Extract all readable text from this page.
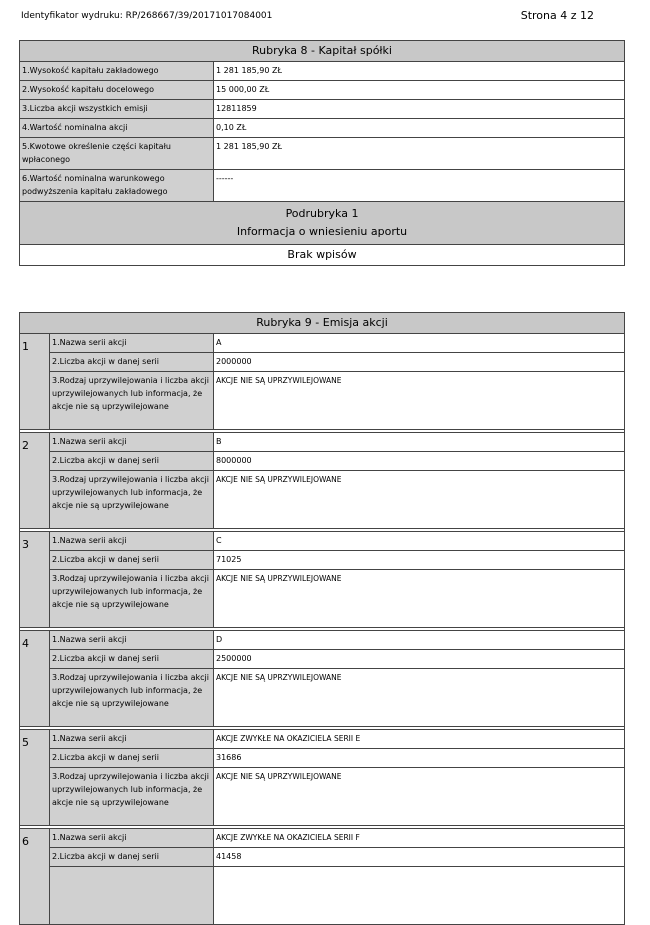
Identyfikator wydruku: RP/268667/39/20171017084001	Strona 4 z 12
Rubryka 8 - Kapitał spółki	
1.Wysokość kapitału zakładowego	1 281 185,90 ZŁ
2.Wysokość kapitału docelowego	15 000,00 ZŁ
3.Liczba akcji wszystkich emisji	12811859
4.Wartość nominalna akcji	0,10 ZŁ
5.Kwotowe określenie części kapitału wpłaconego	1 281 185,90 ZŁ
6.Wartość nominalna warunkowego podwyższenia kapitału zakładowego	------

Podrubryka 1
Informacja o wniesieniu aportu	

Brak wpisów	
Rubryka 9 - Emisja akcji		
1	1.Nazwa serii akcji	A
	2.Liczba akcji w danej serii	2000000
	3.Rodzaj uprzywilejowania i liczba akcji uprzywilejowanych lub informacja, że akcje nie są uprzywilejowane	AKCJE NIE SĄ UPRZYWILEJOWANE

2	1.Nazwa serii akcji	B
	2.Liczba akcji w danej serii	8000000
	3.Rodzaj uprzywilejowania i liczba akcji uprzywilejowanych lub informacja, że akcje nie są uprzywilejowane	AKCJE NIE SĄ UPRZYWILEJOWANE

3	1.Nazwa serii akcji	C
	2.Liczba akcji w danej serii	71025
	3.Rodzaj uprzywilejowania i liczba akcji uprzywilejowanych lub informacja, że akcje nie są uprzywilejowane	AKCJE NIE SĄ UPRZYWILEJOWANE

4	1.Nazwa serii akcji	D
	2.Liczba akcji w danej serii	2500000
	3.Rodzaj uprzywilejowania i liczba akcji uprzywilejowanych lub informacja, że akcje nie są uprzywilejowane	AKCJE NIE SĄ UPRZYWILEJOWANE

5	1.Nazwa serii akcji	AKCJE ZWYKŁE NA OKAZICIELA SERII E
	2.Liczba akcji w danej serii	31686
	3.Rodzaj uprzywilejowania i liczba akcji uprzywilejowanych lub informacja, że akcje nie są uprzywilejowane	AKCJE NIE SĄ UPRZYWILEJOWANE

6	1.Nazwa serii akcji	AKCJE ZWYKŁE NA OKAZICIELA SERII F
	2.Liczba akcji w danej serii	41458
